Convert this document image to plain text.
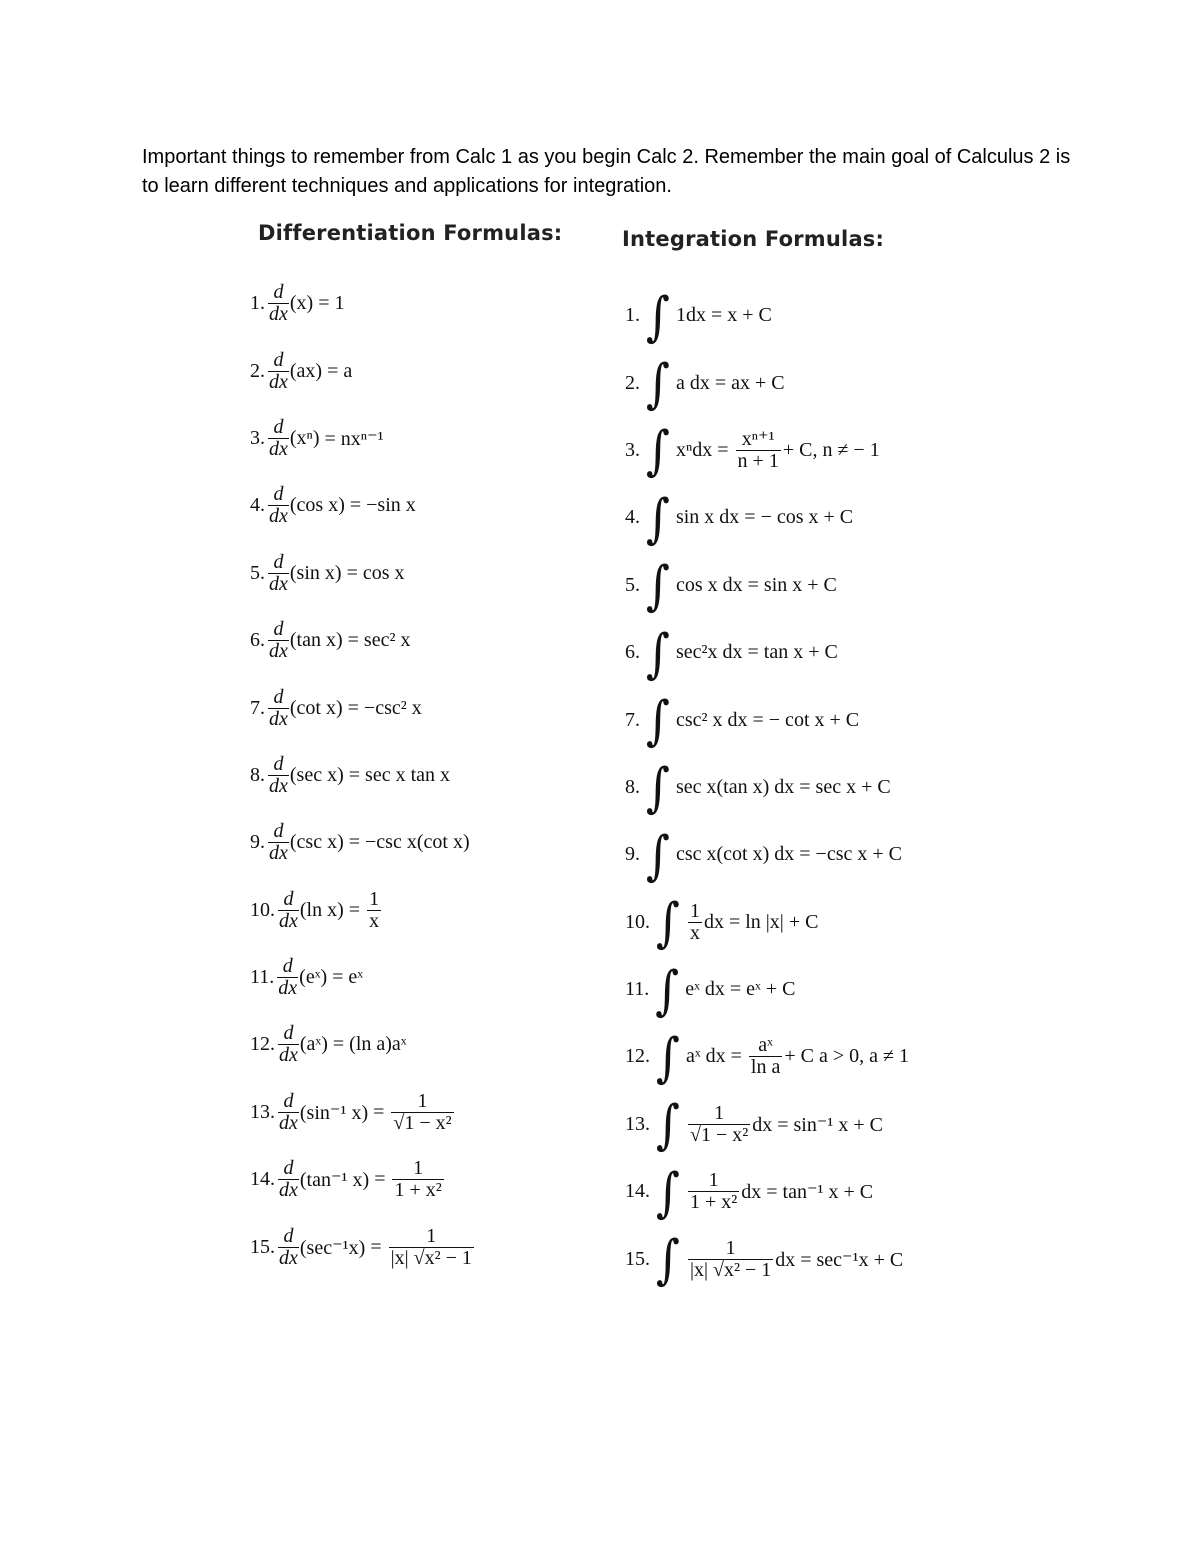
Important things to remember from Calc 1 as you begin Calc 2. Remember the main goal of Calculus 2 is to learn different techniques and applications for integration.
Differentiation Formulas:	Integration Formulas:
1. $\frac{d}{dx} (x) = 1$
2. $\frac{d}{dx} (ax) = a$
3. $\frac{d}{dx} (x^n) = nx^{n-1}$
4. $\frac{d}{dx} (\cos$ x) = −sin x
5. $\frac{d}{dx} (\sin$ x) = cos x
6. $\frac{d}{dx} (\tan$ x) = sec² x
7. $\frac{d}{dx} (\cot$ x) = −csc² x
8. $\frac{d}{dx} (\sec$ x) = sec x tan x
9. $\frac{d}{dx} (\csc$ x) = −csc x(cot x)
10. $\frac{d}{dx} (\ln$ $x) = \frac{1}{x}$
11. $\frac{d}{dx}$ (eˣ) = eˣ
12. $\frac{d}{dx}$ (aˣ) = (ln a)aˣ
13. $\frac{d}{dx} (\sin^{-1}$ $x) = \frac{1}{\text{√1 − x²}}$
14. $\frac{d}{dx} (\tan^{-1}$ $x) = \frac{1}{\text{1 + x²}}$
15. $\frac{d}{dx} (\sec^{-1}x) = \frac{1}{\text{|x| √x² − 1}}$
1. ∫ 1dx = x + C
2. ∫ a dx = ax + C
3. ∫ $x^ndx = \frac{\text{xⁿ⁺¹}}{n + 1} + C$, n ≠ − 1
4. ∫ sin x dx = − cos x + C
5. ∫ cos x dx = sin x + C
6. ∫ sec²x dx = tan x + C
7. ∫ csc² x dx = − cot x + C
8. ∫ sec x(tan x) dx = sec x + C
9. ∫ csc x(cot x) dx = −csc x + C
10. ∫ $\frac{1}{x}$ dx = ln |x| + C
11. ∫ eˣ dx = eˣ + C
12. ∫ aˣ dx = $\frac{\text{aˣ}}{\text{ln a}} + C$ a > 0, a ≠ 1
13. ∫ $\frac{1}{\text{√1 − x²}}$ dx = sin⁻¹ x + C
14. ∫ $\frac{1}{\text{1 + x²}}$ dx = tan⁻¹ x + C
15. ∫ $\frac{1}{\text{|x| √x² − 1}}$ dx = sec⁻¹x + C
